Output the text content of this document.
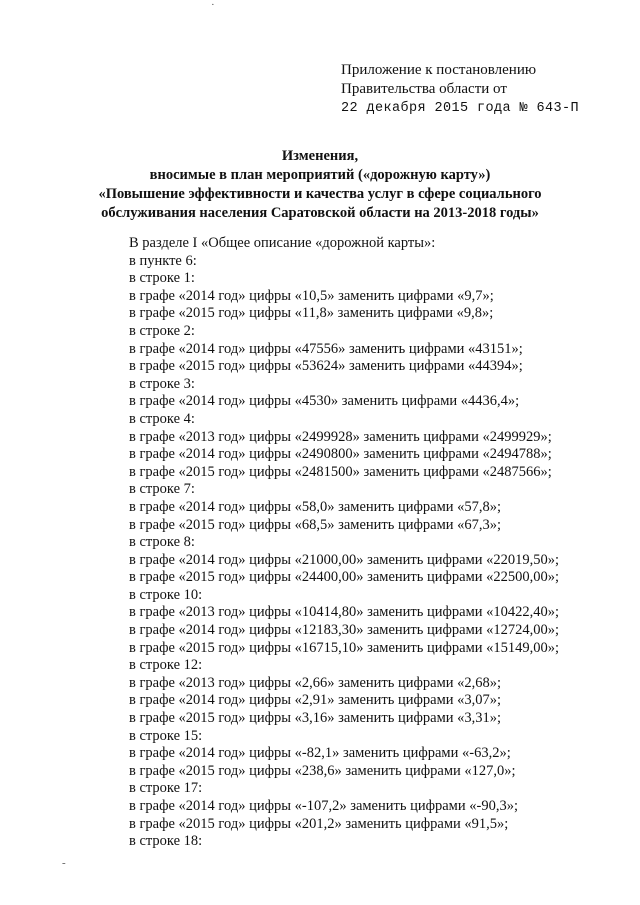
·
-
Приложение к постановлению
Правительства области от
22 декабря 2015 года № 643-П
Изменения,
вносимые в план мероприятий («дорожную карту»)
«Повышение эффективности и качества услуг в сфере социального
обслуживания населения Саратовской области на 2013-2018 годы»
В разделе I «Общее описание «дорожной карты»:
в пункте 6:
в строке 1:
в графе «2014 год» цифры «10,5» заменить цифрами «9,7»;
в графе «2015 год» цифры «11,8» заменить цифрами «9,8»;
в строке 2:
в графе «2014 год» цифры «47556» заменить цифрами «43151»;
в графе «2015 год» цифры «53624» заменить цифрами «44394»;
в строке 3:
в графе «2014 год» цифры «4530» заменить цифрами «4436,4»;
в строке 4:
в графе «2013 год» цифры «2499928» заменить цифрами «2499929»;
в графе «2014 год» цифры «2490800» заменить цифрами «2494788»;
в графе «2015 год» цифры «2481500» заменить цифрами «2487566»;
в строке 7:
в графе «2014 год» цифры «58,0» заменить цифрами «57,8»;
в графе «2015 год» цифры «68,5» заменить цифрами «67,3»;
в строке 8:
в графе «2014 год» цифры «21000,00» заменить цифрами «22019,50»;
в графе «2015 год» цифры «24400,00» заменить цифрами «22500,00»;
в строке 10:
в графе «2013 год» цифры «10414,80» заменить цифрами «10422,40»;
в графе «2014 год» цифры «12183,30» заменить цифрами «12724,00»;
в графе «2015 год» цифры «16715,10» заменить цифрами «15149,00»;
в строке 12:
в графе «2013 год» цифры «2,66» заменить цифрами «2,68»;
в графе «2014 год» цифры «2,91» заменить цифрами «3,07»;
в графе «2015 год» цифры «3,16» заменить цифрами «3,31»;
в строке 15:
в графе «2014 год» цифры «-82,1» заменить цифрами «-63,2»;
в графе «2015 год» цифры «238,6» заменить цифрами «127,0»;
в строке 17:
в графе «2014 год» цифры «-107,2» заменить цифрами «-90,3»;
в графе «2015 год» цифры «201,2» заменить цифрами «91,5»;
в строке 18:
